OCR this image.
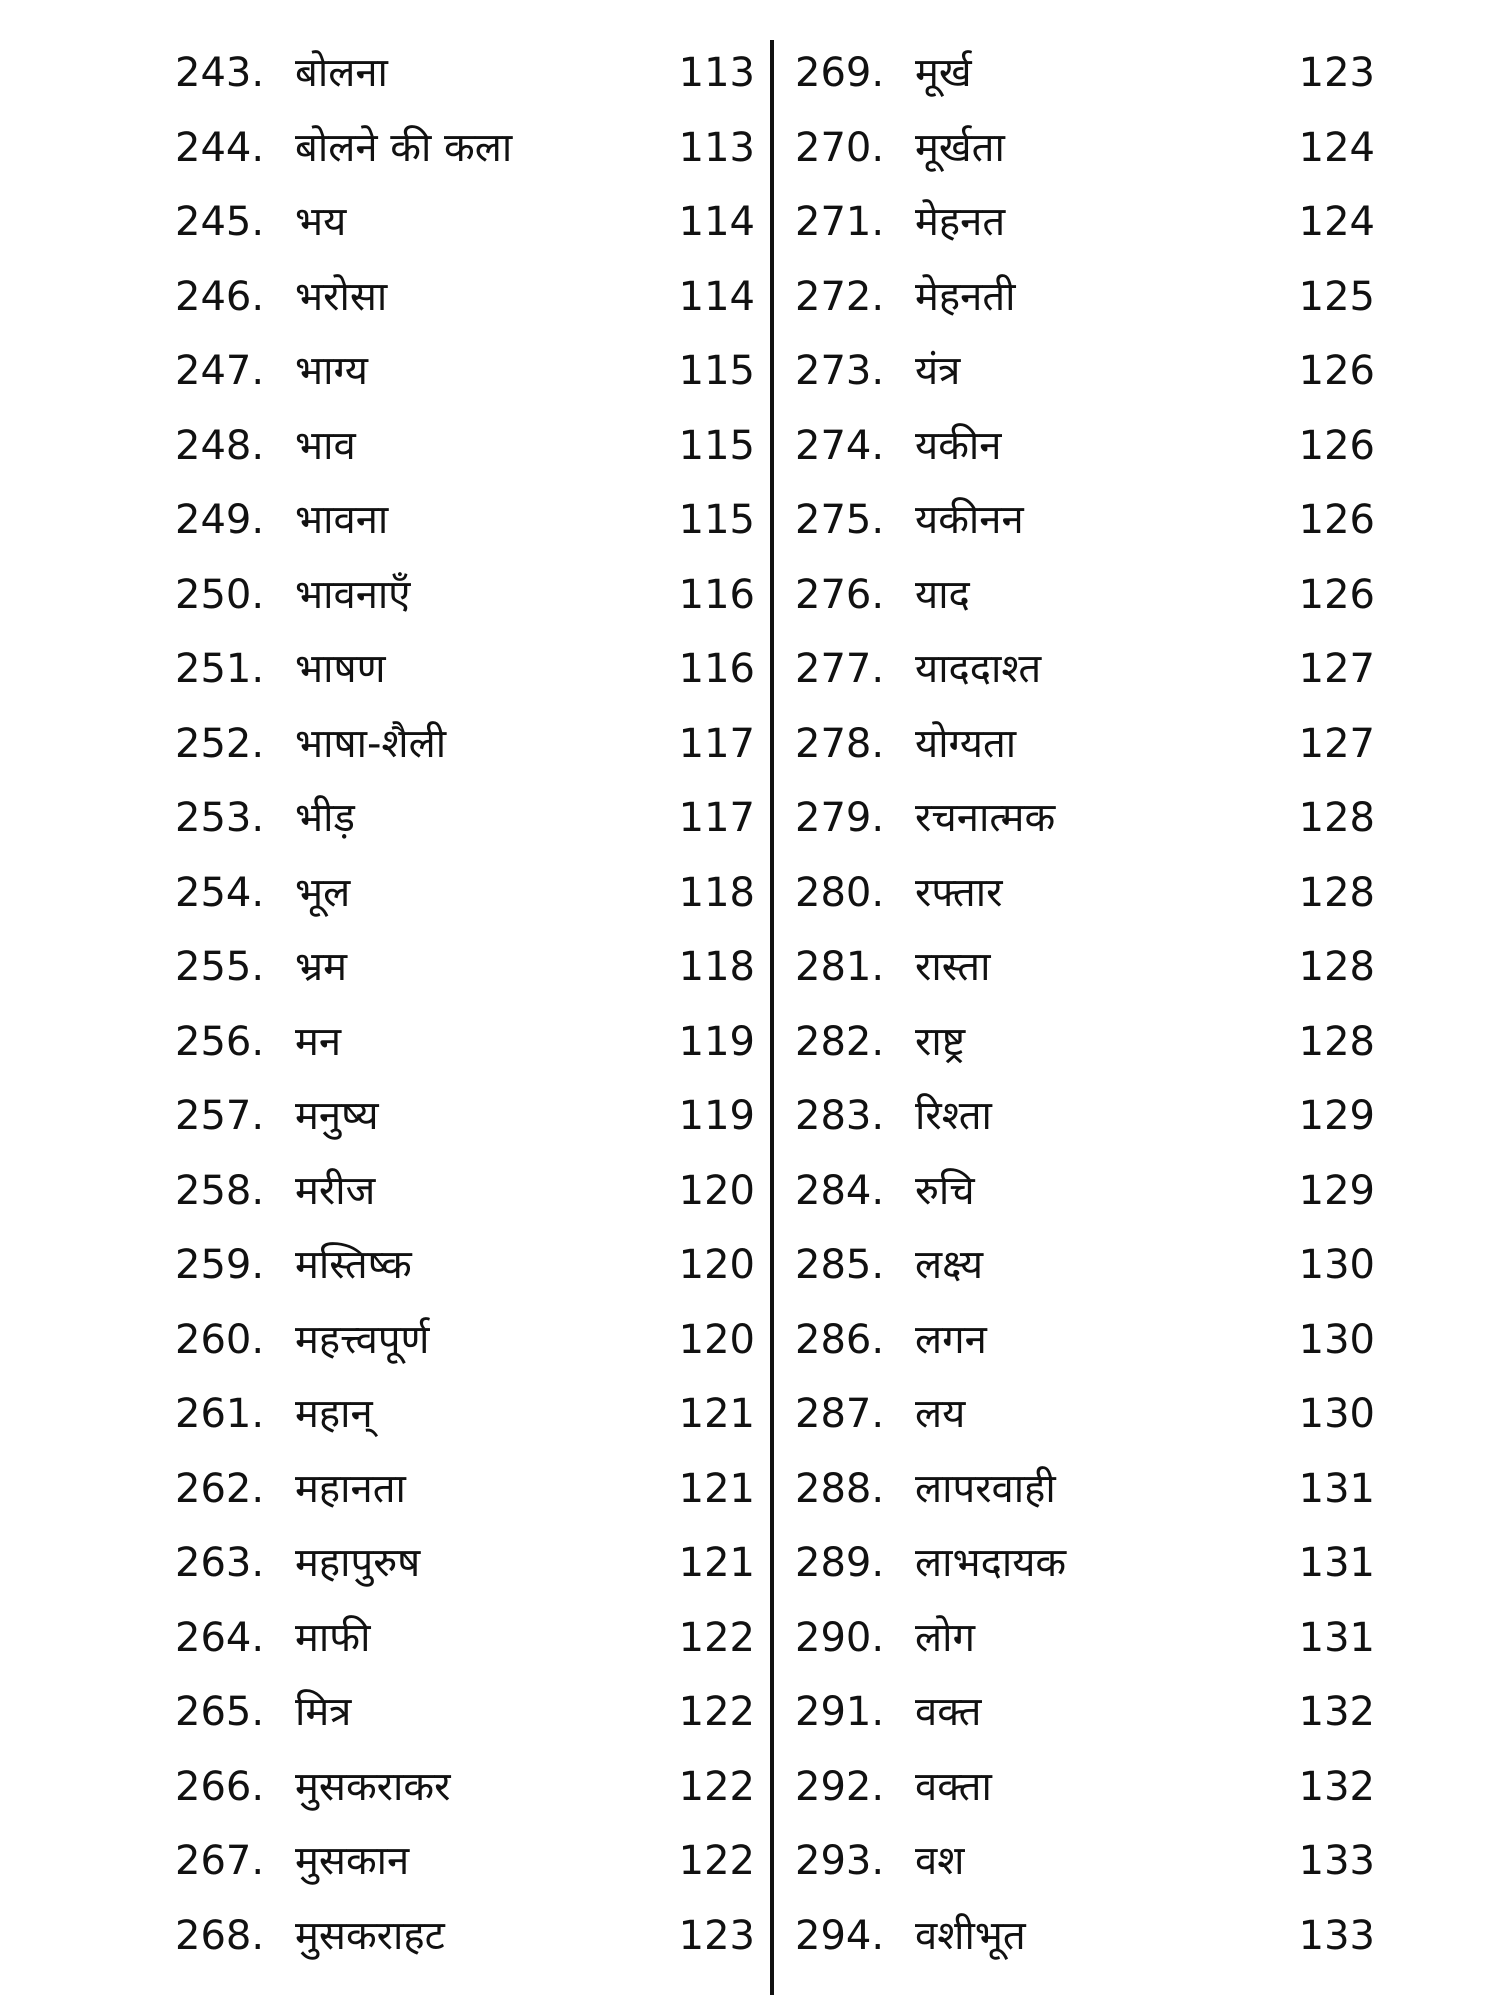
243. बोलना	113
244. बोलने की कला	113
245. भय	114
246. भरोसा	114
247. भाग्य	115
248. भाव	115
249. भावना	115
250. भावनाएँ	116
251. भाषण	116
252. भाषा-शैली	117
253. भीड़	117
254. भूल	118
255. भ्रम	118
256. मन	119
257. मनुष्य	119
258. मरीज	120
259. मस्तिष्क	120
260. महत्त्वपूर्ण	120
261. महान्	121
262. महानता	121
263. महापुरुष	121
264. माफी	122
265. मित्र	122
266. मुसकराकर	122
267. मुसकान	122
268. मुसकराहट	123
269. मूर्ख	123
270. मूर्खता	124
271. मेहनत	124
272. मेहनती	125
273. यंत्र	126
274. यकीन	126
275. यकीनन	126
276. याद	126
277. याददाश्त	127
278. योग्यता	127
279. रचनात्मक	128
280. रफ्तार	128
281. रास्ता	128
282. राष्ट्र	128
283. रिश्ता	129
284. रुचि	129
285. लक्ष्य	130
286. लगन	130
287. लय	130
288. लापरवाही	131
289. लाभदायक	131
290. लोग	131
291. वक्त	132
292. वक्ता	132
293. वश	133
294. वशीभूत	133
